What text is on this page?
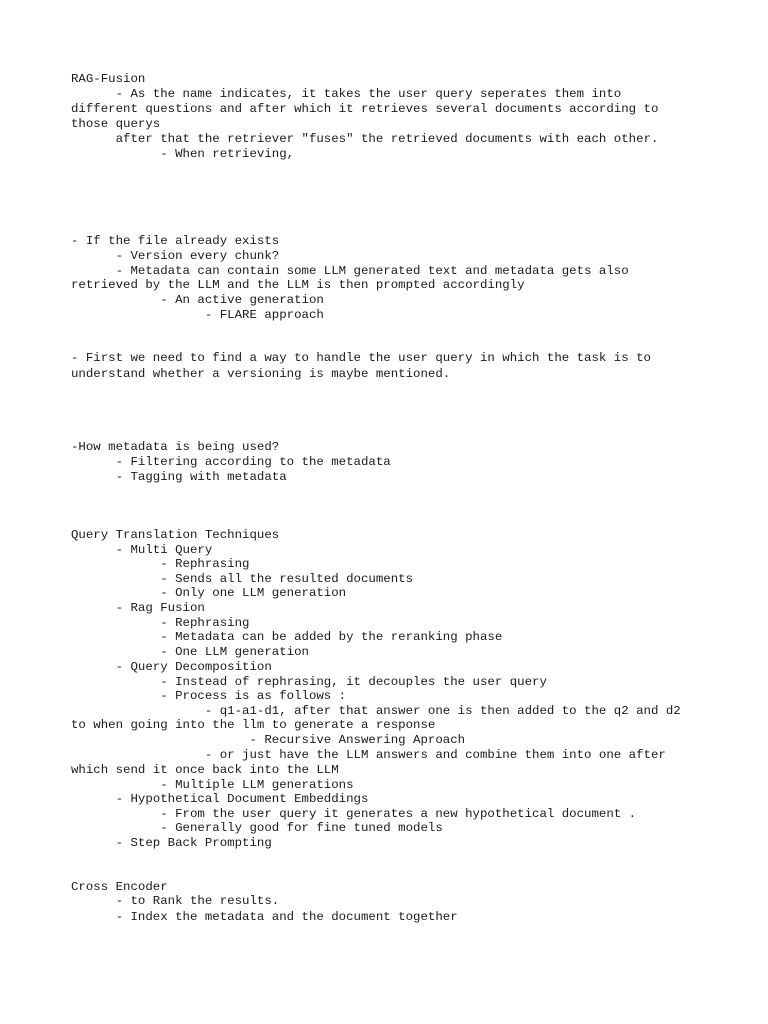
RAG-Fusion
- As the name indicates, it takes the user query seperates them into
different questions and after which it retrieves several documents according to
those querys
after that the retriever "fuses" the retrieved documents with each other.
- When retrieving,
- If the file already exists
- Version every chunk?
- Metadata can contain some LLM generated text and metadata gets also
retrieved by the LLM and the LLM is then prompted accordingly
- An active generation
- FLARE approach
- First we need to find a way to handle the user query in which the task is to
understand whether a versioning is maybe mentioned.
-How metadata is being used?
- Filtering according to the metadata
- Tagging with metadata
Query Translation Techniques
- Multi Query
- Rephrasing
- Sends all the resulted documents
- Only one LLM generation
- Rag Fusion
- Rephrasing
- Metadata can be added by the reranking phase
- One LLM generation
- Query Decomposition
- Instead of rephrasing, it decouples the user query
- Process is as follows :
- q1-a1-d1, after that answer one is then added to the q2 and d2
to when going into the llm to generate a response
- Recursive Answering Aproach
- or just have the LLM answers and combine them into one after
which send it once back into the LLM
- Multiple LLM generations
- Hypothetical Document Embeddings
- From the user query it generates a new hypothetical document .
- Generally good for fine tuned models
- Step Back Prompting
Cross Encoder
- to Rank the results.
- Index the metadata and the document together
